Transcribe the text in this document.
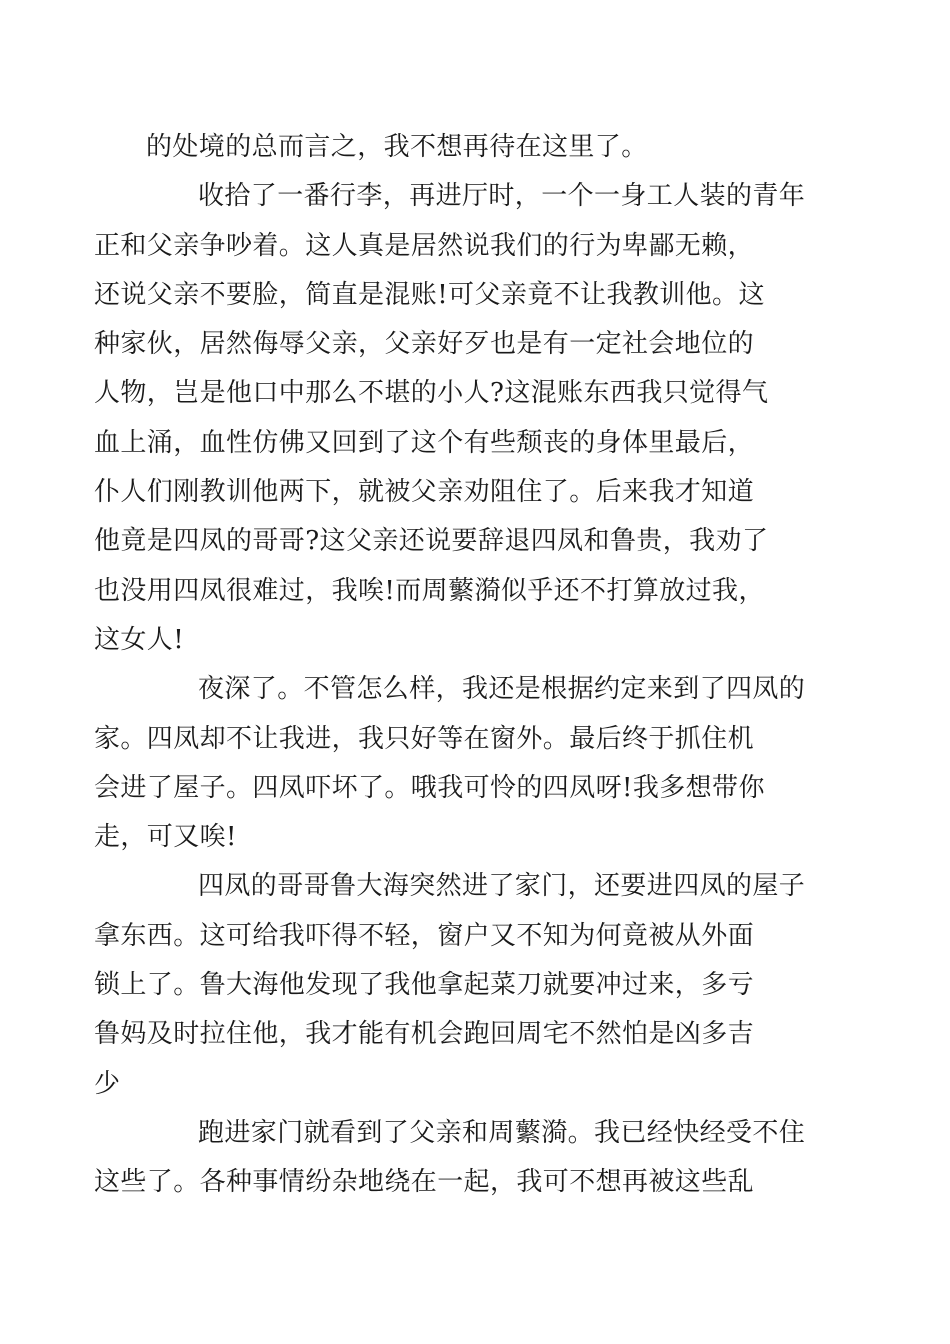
的处境的总而言之，我不想再待在这里了。
收拾了一番行李，再进厅时，一个一身工人装的青年
正和父亲争吵着。这人真是居然说我们的行为卑鄙无赖，
还说父亲不要脸，简直是混账!可父亲竟不让我教训他。这
种家伙，居然侮辱父亲，父亲好歹也是有一定社会地位的
人物，岂是他口中那么不堪的小人?这混账东西我只觉得气
血上涌，血性仿佛又回到了这个有些颓丧的身体里最后，
仆人们刚教训他两下，就被父亲劝阻住了。后来我才知道
他竟是四凤的哥哥?这父亲还说要辞退四凤和鲁贵，我劝了
也没用四凤很难过，我唉!而周蘩漪似乎还不打算放过我，
这女人!
夜深了。不管怎么样，我还是根据约定来到了四凤的
家。四凤却不让我进，我只好等在窗外。最后终于抓住机
会进了屋子。四凤吓坏了。哦我可怜的四凤呀!我多想带你
走，可又唉!
四凤的哥哥鲁大海突然进了家门，还要进四凤的屋子
拿东西。这可给我吓得不轻，窗户又不知为何竟被从外面
锁上了。鲁大海他发现了我他拿起菜刀就要冲过来，多亏
鲁妈及时拉住他，我才能有机会跑回周宅不然怕是凶多吉
少
跑进家门就看到了父亲和周蘩漪。我已经快经受不住
这些了。各种事情纷杂地绕在一起，我可不想再被这些乱
